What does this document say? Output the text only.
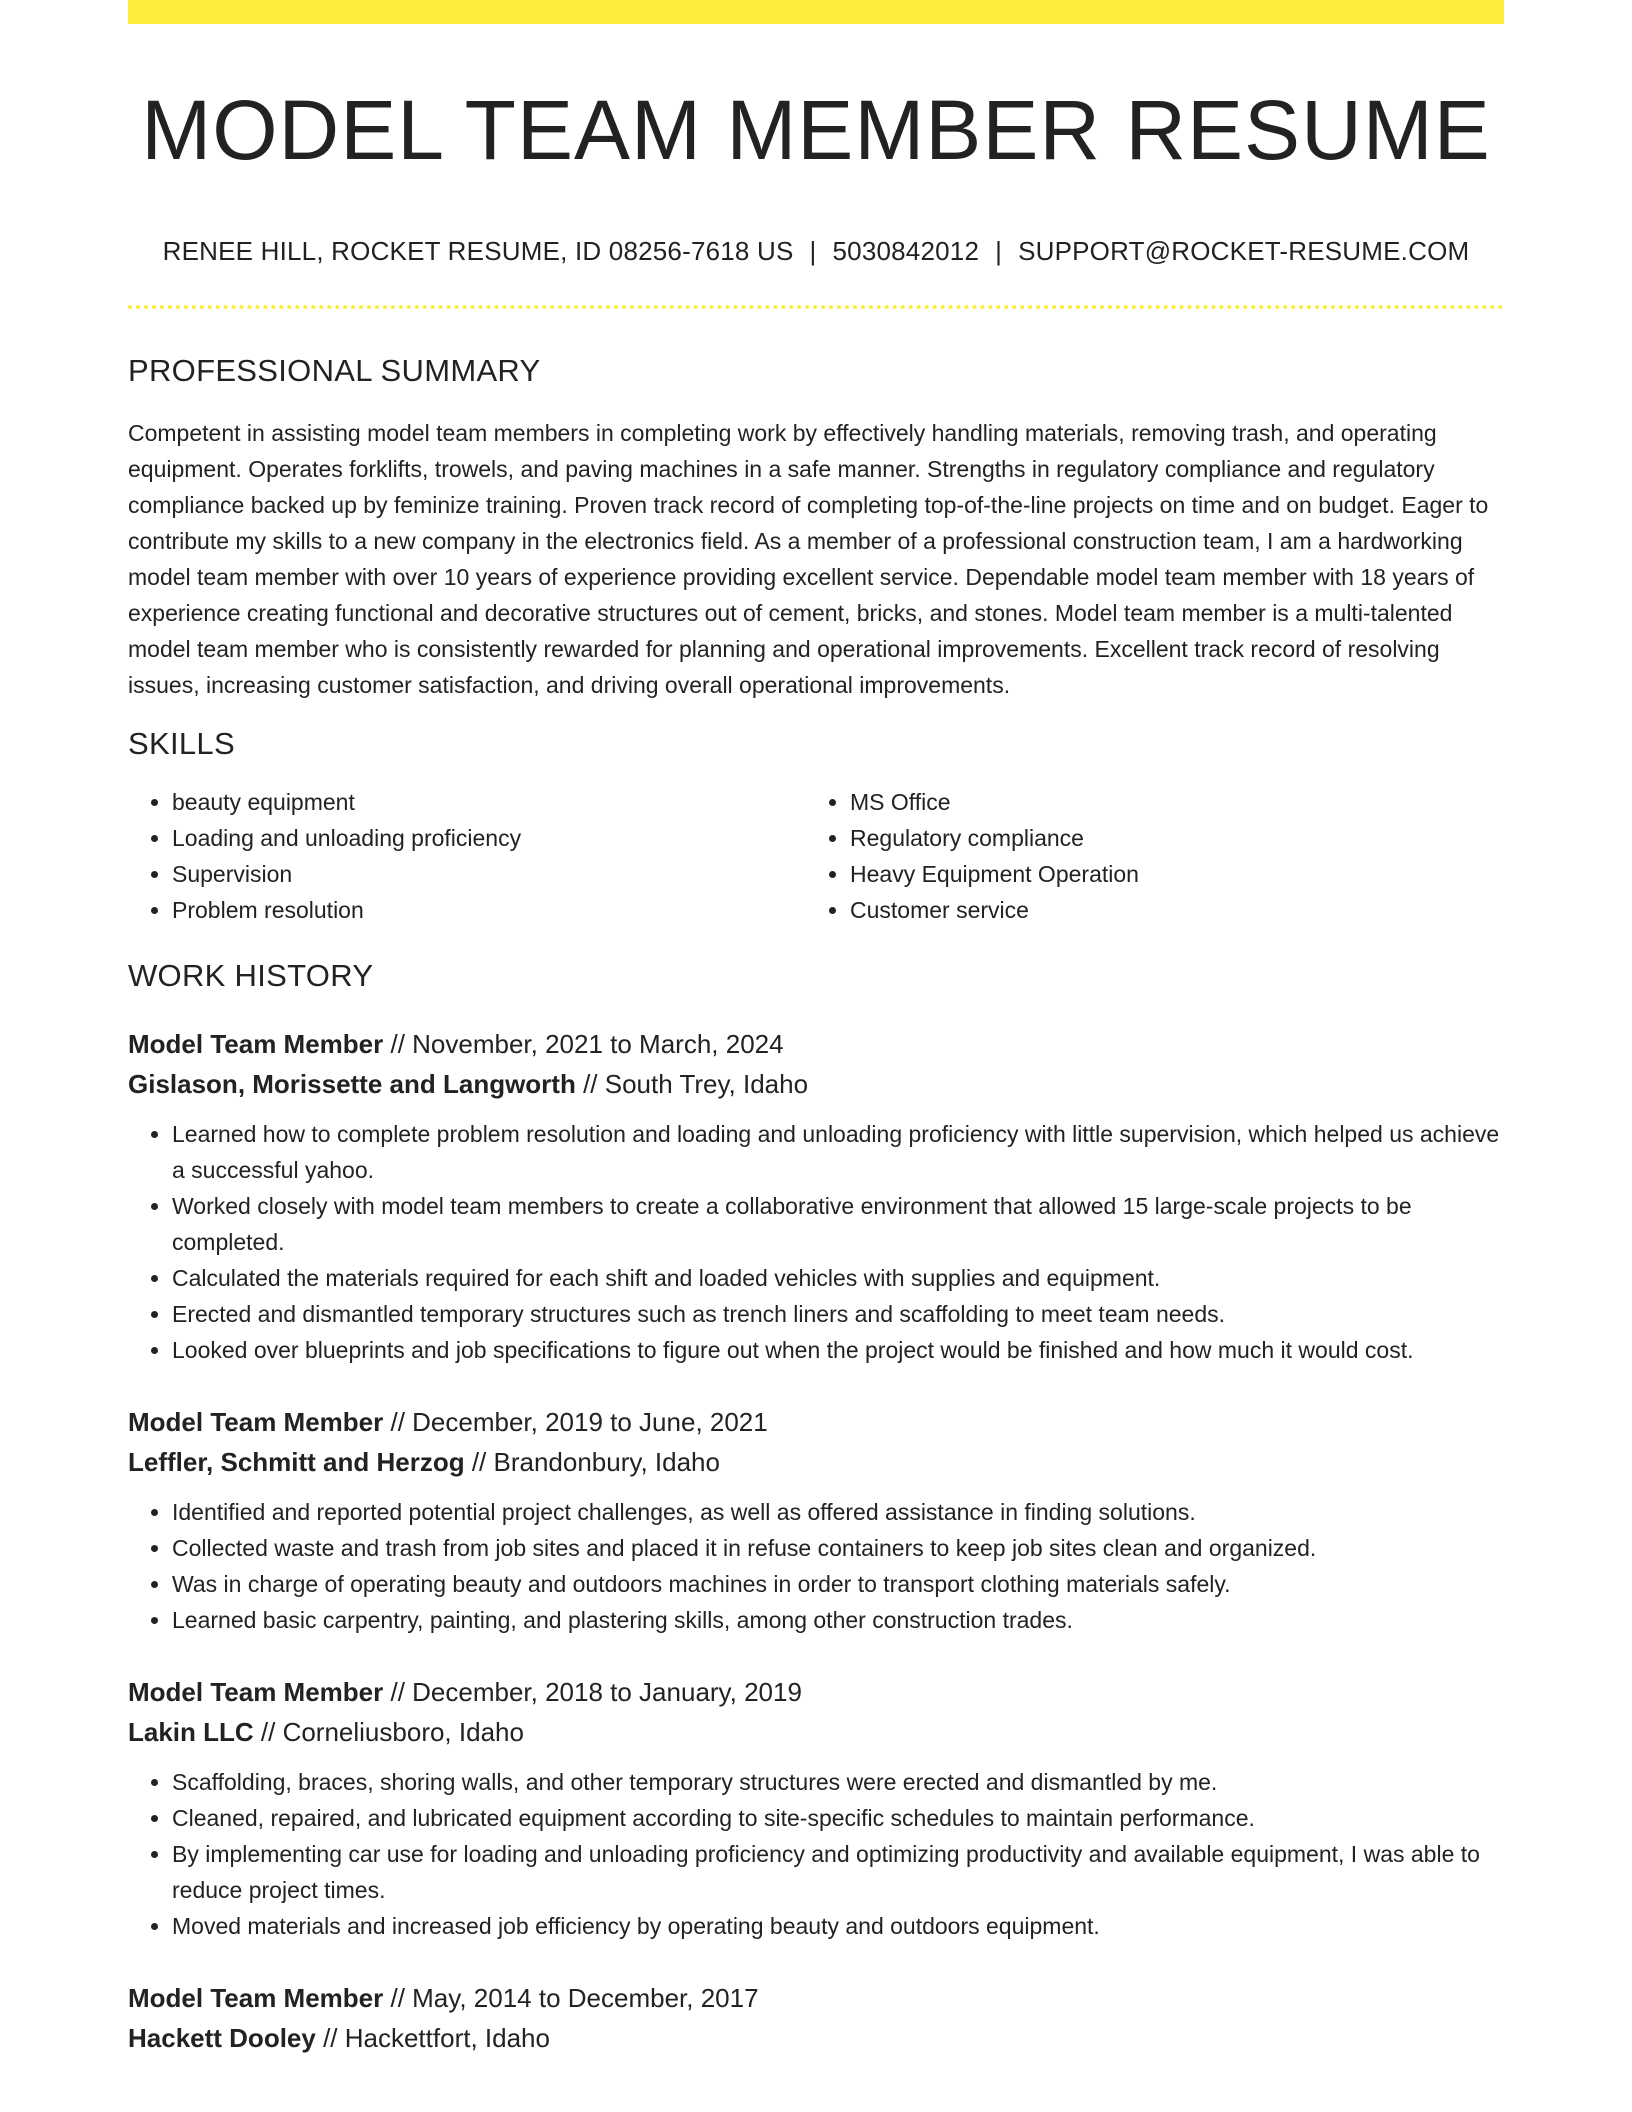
MODEL TEAM MEMBER RESUME
RENEE HILL, ROCKET RESUME, ID 08256-7618 US | 5030842012 | SUPPORT@ROCKET-RESUME.COM
PROFESSIONAL SUMMARY

Competent in assisting model team members in completing work by effectively handling materials, removing trash, and operating equipment. Operates forklifts, trowels, and paving machines in a safe manner. Strengths in regulatory compliance and regulatory compliance backed up by feminize training. Proven track record of completing top-of-the-line projects on time and on budget. Eager to contribute my skills to a new company in the electronics field. As a member of a professional construction team, I am a hardworking model team member with over 10 years of experience providing excellent service. Dependable model team member with 18 years of experience creating functional and decorative structures out of cement, bricks, and stones. Model team member is a multi-talented model team member who is consistently rewarded for planning and operational improvements. Excellent track record of resolving issues, increasing customer satisfaction, and driving overall operational improvements.

SKILLS
• beauty equipment
• Loading and unloading proficiency
• Supervision
• Problem resolution
• MS Office
• Regulatory compliance
• Heavy Equipment Operation
• Customer service
WORK HISTORY
Model Team Member // November, 2021 to March, 2024
Gislason, Morissette and Langworth // South Trey, Idaho
• Learned how to complete problem resolution and loading and unloading proficiency with little supervision, which helped us achieve a successful yahoo.
• Worked closely with model team members to create a collaborative environment that allowed 15 large-scale projects to be completed.
• Calculated the materials required for each shift and loaded vehicles with supplies and equipment.
• Erected and dismantled temporary structures such as trench liners and scaffolding to meet team needs.
• Looked over blueprints and job specifications to figure out when the project would be finished and how much it would cost.
Model Team Member // December, 2019 to June, 2021
Leffler, Schmitt and Herzog // Brandonbury, Idaho
• Identified and reported potential project challenges, as well as offered assistance in finding solutions.
• Collected waste and trash from job sites and placed it in refuse containers to keep job sites clean and organized.
• Was in charge of operating beauty and outdoors machines in order to transport clothing materials safely.
• Learned basic carpentry, painting, and plastering skills, among other construction trades.
Model Team Member // December, 2018 to January, 2019
Lakin LLC // Corneliusboro, Idaho
• Scaffolding, braces, shoring walls, and other temporary structures were erected and dismantled by me.
• Cleaned, repaired, and lubricated equipment according to site-specific schedules to maintain performance.
• By implementing car use for loading and unloading proficiency and optimizing productivity and available equipment, I was able to reduce project times.
• Moved materials and increased job efficiency by operating beauty and outdoors equipment.
Model Team Member // May, 2014 to December, 2017
Hackett Dooley // Hackettfort, Idaho
